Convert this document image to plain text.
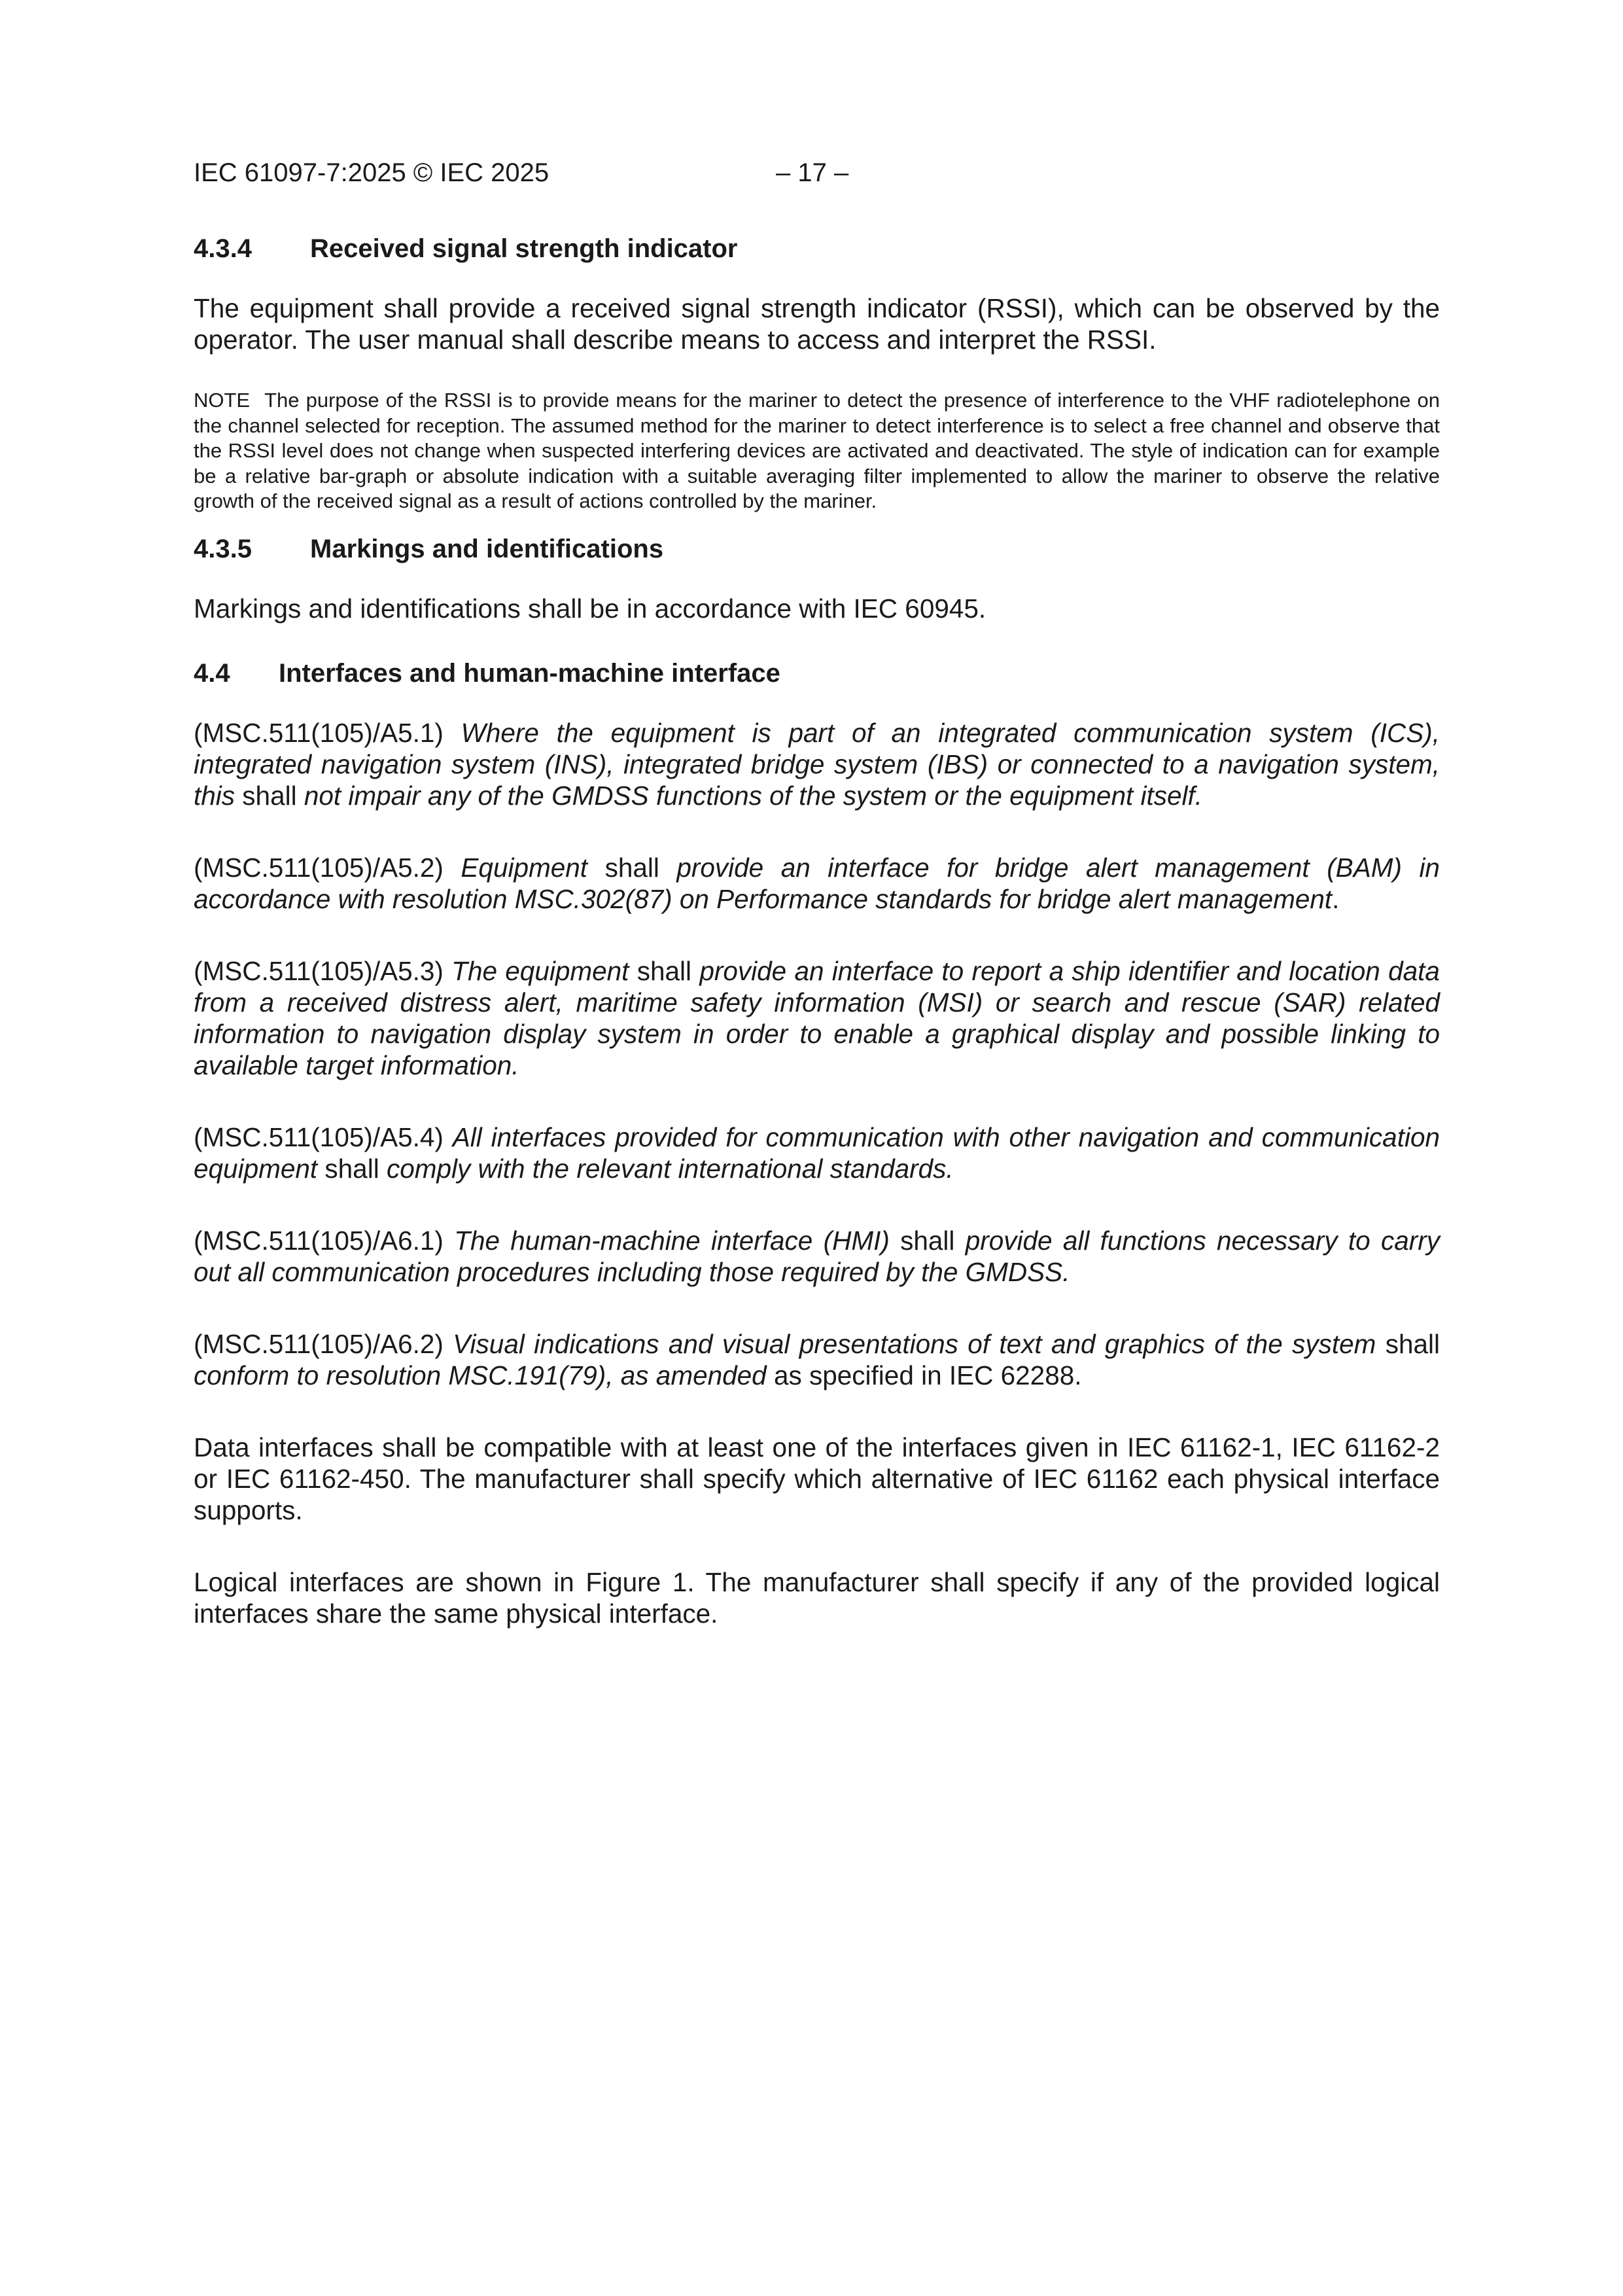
IEC 61097-7:2025 © IEC 2025	– 17 –
4.3.4 Received signal strength indicator

The equipment shall provide a received signal strength indicator (RSSI), which can be observed by the operator. The user manual shall describe means to access and interpret the RSSI.

NOTE The purpose of the RSSI is to provide means for the mariner to detect the presence of interference to the VHF radiotelephone on the channel selected for reception. The assumed method for the mariner to detect interference is to select a free channel and observe that the RSSI level does not change when suspected interfering devices are activated and deactivated. The style of indication can for example be a relative bar-graph or absolute indication with a suitable averaging filter implemented to allow the mariner to observe the relative growth of the received signal as a result of actions controlled by the mariner.

4.3.5 Markings and identifications

Markings and identifications shall be in accordance with IEC 60945.

4.4 Interfaces and human-machine interface

(MSC.511(105)/A5.1) Where the equipment is part of an integrated communication system (ICS), integrated navigation system (INS), integrated bridge system (IBS) or connected to a navigation system, this shall not impair any of the GMDSS functions of the system or the equipment itself.

(MSC.511(105)/A5.2) Equipment shall provide an interface for bridge alert management (BAM) in accordance with resolution MSC.302(87) on Performance standards for bridge alert management.

(MSC.511(105)/A5.3) The equipment shall provide an interface to report a ship identifier and location data from a received distress alert, maritime safety information (MSI) or search and rescue (SAR) related information to navigation display system in order to enable a graphical display and possible linking to available target information.

(MSC.511(105)/A5.4) All interfaces provided for communication with other navigation and communication equipment shall comply with the relevant international standards.

(MSC.511(105)/A6.1) The human-machine interface (HMI) shall provide all functions necessary to carry out all communication procedures including those required by the GMDSS.

(MSC.511(105)/A6.2) Visual indications and visual presentations of text and graphics of the system shall conform to resolution MSC.191(79), as amended as specified in IEC 62288.

Data interfaces shall be compatible with at least one of the interfaces given in IEC 61162-1, IEC 61162-2 or IEC 61162-450. The manufacturer shall specify which alternative of IEC 61162 each physical interface supports.

Logical interfaces are shown in Figure 1. The manufacturer shall specify if any of the provided logical interfaces share the same physical interface.
